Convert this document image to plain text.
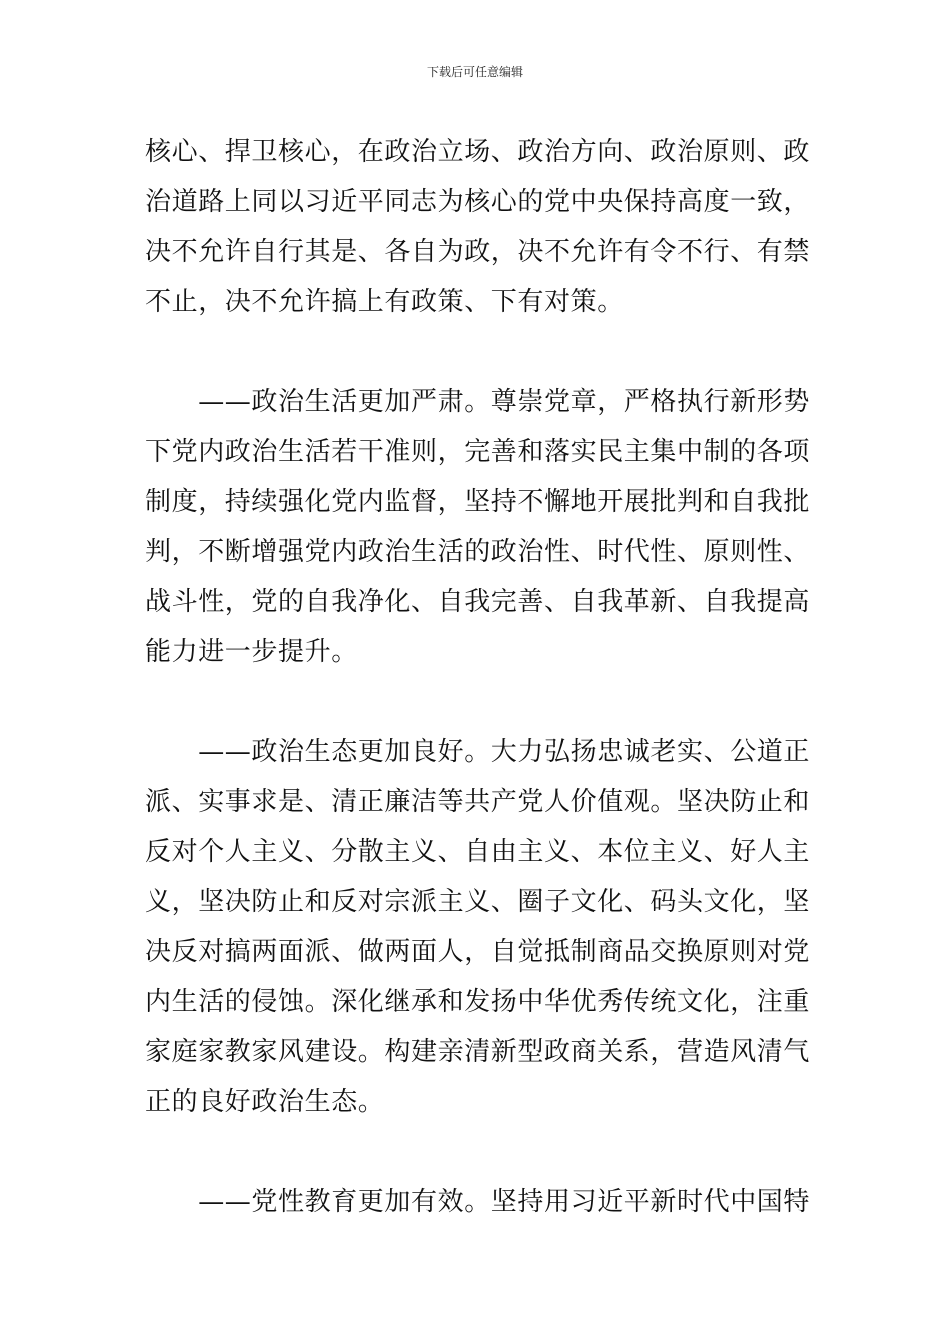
下载后可任意编辑
核心、捍卫核心，在政治立场、政治方向、政治原则、政
治道路上同以习近平同志为核心的党中央保持高度一致，
决不允许自行其是、各自为政，决不允许有令不行、有禁
不止，决不允许搞上有政策、下有对策。
　　——政治生活更加严肃。尊崇党章，严格执行新形势
下党内政治生活若干准则，完善和落实民主集中制的各项
制度，持续强化党内监督，坚持不懈地开展批判和自我批
判，不断增强党内政治生活的政治性、时代性、原则性、
战斗性，党的自我净化、自我完善、自我革新、自我提高
能力进一步提升。
　　——政治生态更加良好。大力弘扬忠诚老实、公道正
派、实事求是、清正廉洁等共产党人价值观。坚决防止和
反对个人主义、分散主义、自由主义、本位主义、好人主
义，坚决防止和反对宗派主义、圈子文化、码头文化，坚
决反对搞两面派、做两面人，自觉抵制商品交换原则对党
内生活的侵蚀。深化继承和发扬中华优秀传统文化，注重
家庭家教家风建设。构建亲清新型政商关系，营造风清气
正的良好政治生态。
　　——党性教育更加有效。坚持用习近平新时代中国特
